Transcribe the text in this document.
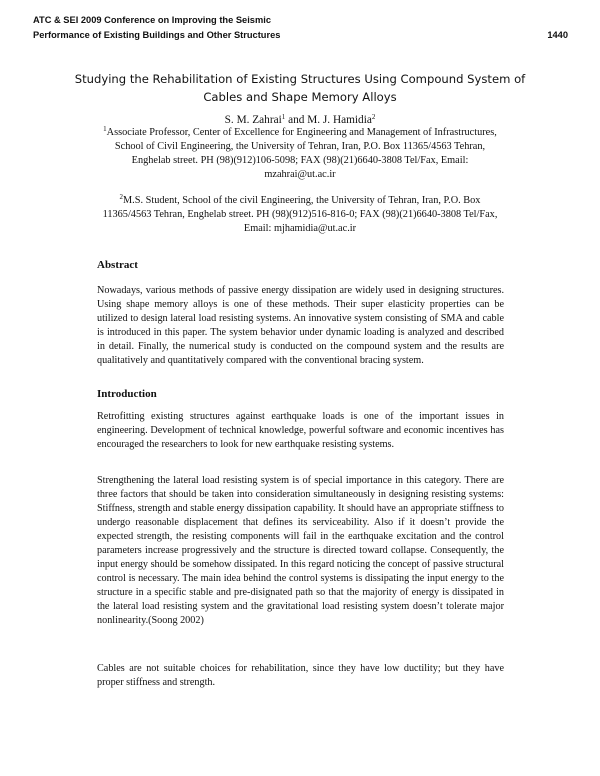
ATC & SEI 2009 Conference on Improving the Seismic
Performance of Existing Buildings and Other Structures	1440
Studying the Rehabilitation of Existing Structures Using Compound System of Cables and Shape Memory Alloys
S. M. Zahrai$^1$ and M. J. Hamidia$^2$
$^1$Associate Professor, Center of Excellence for Engineering and Management of Infrastructures, School of Civil Engineering, the University of Tehran, Iran, P.O. Box 11365/4563 Tehran, Enghelab street. PH (98)(912)106-5098; FAX (98)(21)6640-3808 Tel/Fax, Email: mzahrai@ut.ac.ir
$^2$M.S. Student, School of the civil Engineering, the University of Tehran, Iran, P.O. Box 11365/4563 Tehran, Enghelab street. PH (98)(912)516-816-0; FAX (98)(21)6640-3808 Tel/Fax, Email: mjhamidia@ut.ac.ir
Abstract
Nowadays, various methods of passive energy dissipation are widely used in designing structures. Using shape memory alloys is one of these methods. Their super elasticity properties can be utilized to design lateral load resisting systems. An innovative system consisting of SMA and cable is introduced in this paper. The system behavior under dynamic loading is analyzed and described in detail. Finally, the numerical study is conducted on the compound system and the results are qualitatively and quantitatively compared with the conventional bracing system.
Introduction
Retrofitting existing structures against earthquake loads is one of the important issues in engineering. Development of technical knowledge, powerful software and economic incentives has encouraged the researchers to look for new earthquake resisting systems.
Strengthening the lateral load resisting system is of special importance in this category. There are three factors that should be taken into consideration simultaneously in designing resisting systems: Stiffness, strength and stable energy dissipation capability. It should have an appropriate stiffness to undergo reasonable displacement that defines its serviceability. Also if it doesn’t provide the expected strength, the resisting components will fail in the earthquake excitation and the control parameters increase progressively and the structure is directed toward collapse. Consequently, the input energy should be somehow dissipated. In this regard noticing the concept of passive structural control is necessary. The main idea behind the control systems is dissipating the input energy to the structure in a specific stable and pre-disignated path so that the majority of energy is dissipated in the lateral load resisting system and the gravitational load resisting system doesn’t tolerate major nonlinearity.(Soong 2002)
Cables are not suitable choices for rehabilitation, since they have low ductility; but they have proper stiffness and strength.
